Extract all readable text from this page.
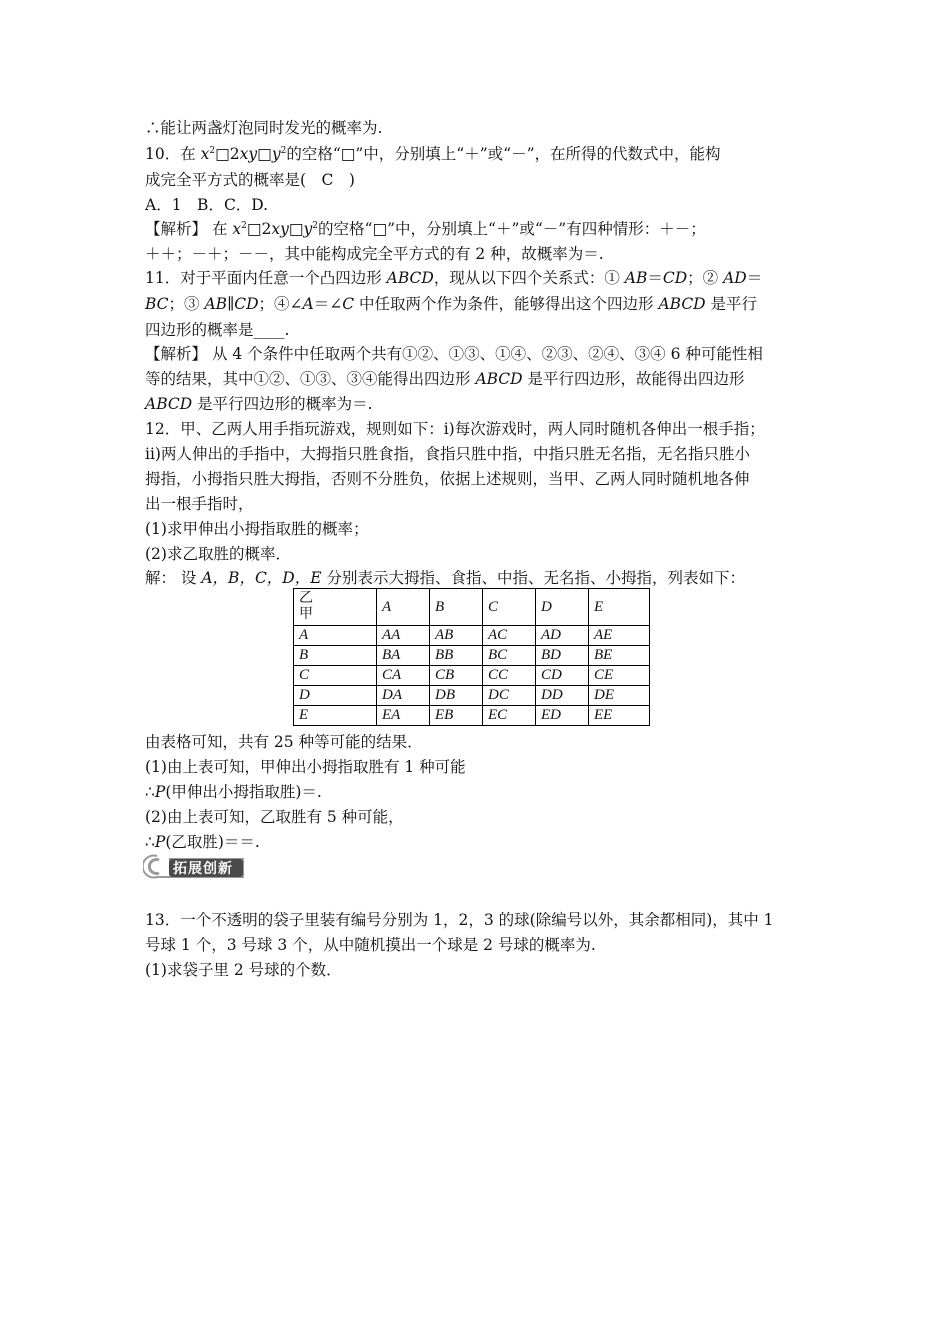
∴能让两盏灯泡同时发光的概率为.
10．在 $x^2□2xy□y^2$的空格“□”中，分别填上“＋”或“－”，在所得的代数式中，能构
成完全平方式的概率是(　C　)
A．1　B．C．D.
【解析】 在 $x^2□2xy□y^2$的空格“□”中，分别填上“＋”或“－”有四种情形：＋－；
＋＋；－＋；－－，其中能构成完全平方式的有 2 种，故概率为＝.
11．对于平面内任意一个凸四边形 ABCD，现从以下四个关系式：① AB＝CD；② AD＝
BC；③ AB∥CD；④∠A＝∠C 中任取两个作为条件，能够得出这个四边形 ABCD 是平行
四边形的概率是____.
【解析】 从 4 个条件中任取两个共有①②、①③、①④、②③、②④、③④ 6 种可能性相
等的结果，其中①②、①③、③④能得出四边形 ABCD 是平行四边形，故能得出四边形
ABCD 是平行四边形的概率为＝.
12．甲、乙两人用手指玩游戏，规则如下：ⅰ)每次游戏时，两人同时随机各伸出一根手指；
ⅱ)两人伸出的手指中，大拇指只胜食指，食指只胜中指，中指只胜无名指，无名指只胜小
拇指，小拇指只胜大拇指，否则不分胜负，依据上述规则，当甲、乙两人同时随机地各伸
出一根手指时，
(1)求甲伸出小拇指取胜的概率；
(2)求乙取胜的概率．
解： 设 A，B，C，D，E 分别表示大拇指、食指、中指、无名指、小拇指，列表如下：
乙
甲	A	B	C	D	E
A	AA	AB	AC	AD	AE
B	BA	BB	BC	BD	BE
C	CA	CB	CC	CD	CE
D	DA	DB	DC	DD	DE
E	EA	EB	EC	ED	EE
由表格可知，共有 25 种等可能的结果．
(1)由上表可知，甲伸出小拇指取胜有 1 种可能
∴P(甲伸出小拇指取胜)＝.
(2)由上表可知，乙取胜有 5 种可能，
∴P(乙取胜)＝＝.
拓展创新
13．一个不透明的袋子里装有编号分别为 1，2，3 的球(除编号以外，其余都相同)，其中 1
号球 1 个，3 号球 3 个，从中随机摸出一个球是 2 号球的概率为.
(1)求袋子里 2 号球的个数．
